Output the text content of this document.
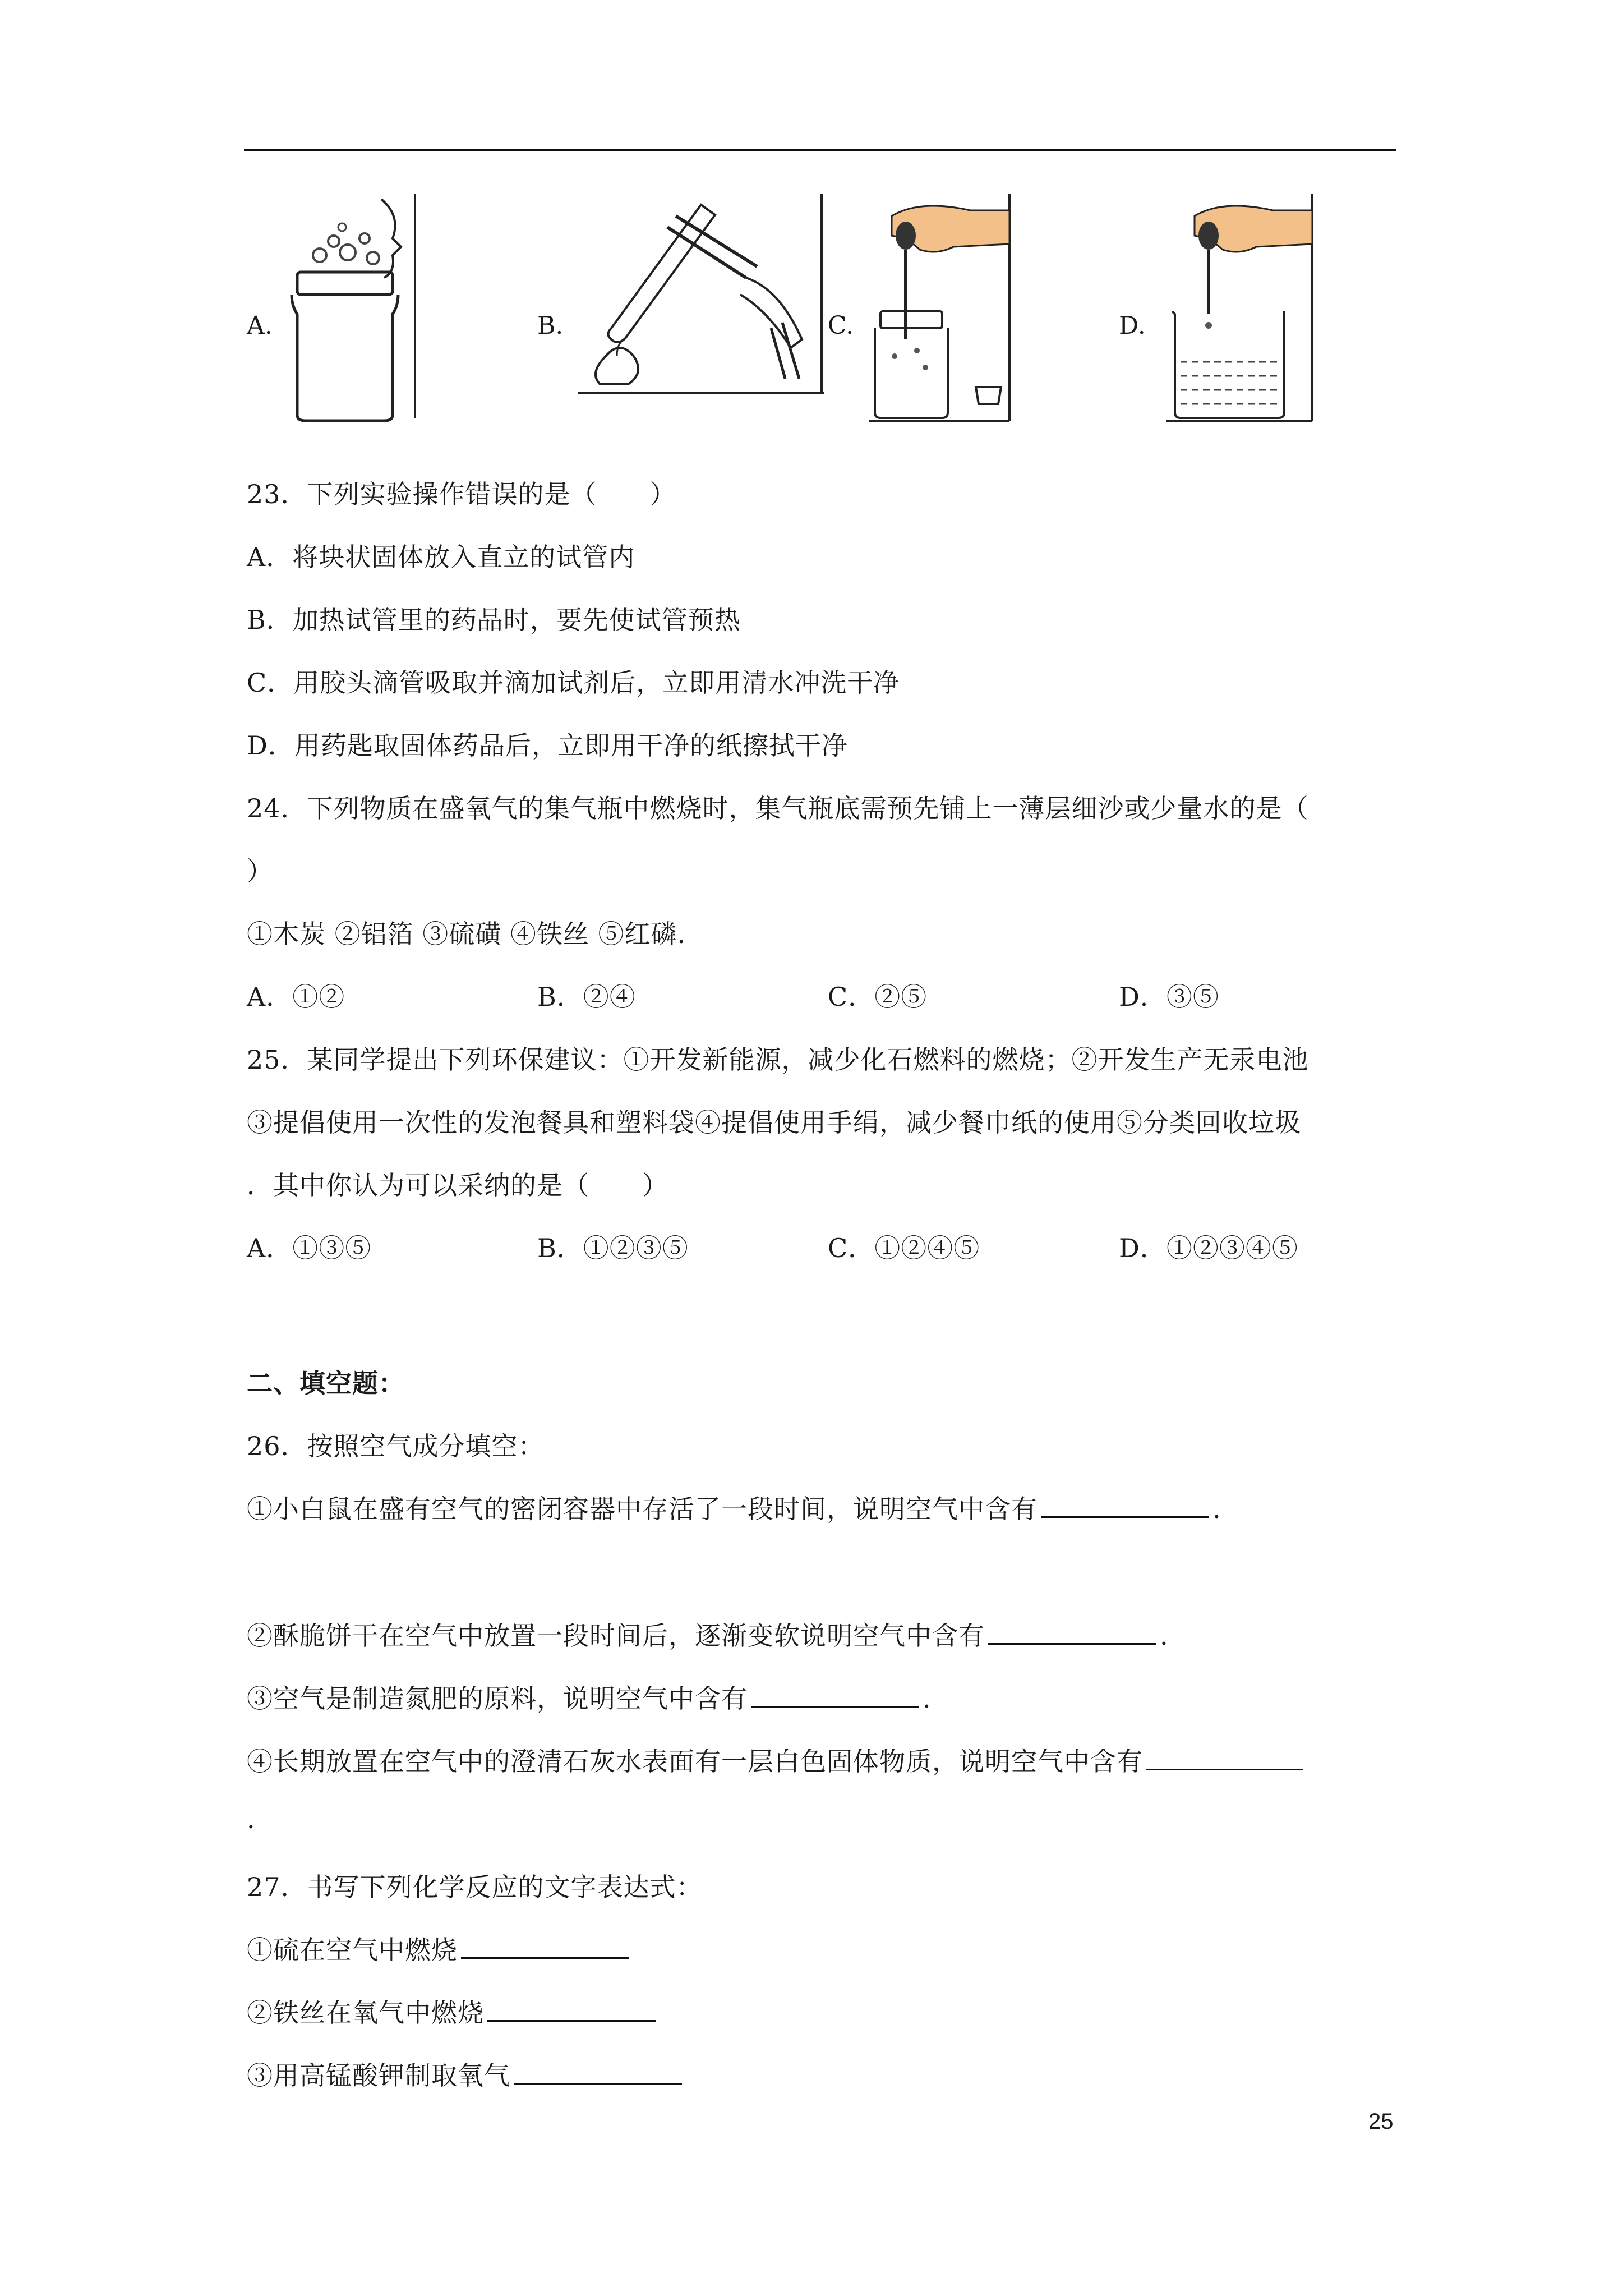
A.	B.	C.	D.
23．下列实验操作错误的是（　　）
A．将块状固体放入直立的试管内
B．加热试管里的药品时，要先使试管预热
C．用胶头滴管吸取并滴加试剂后，立即用清水冲洗干净
D．用药匙取固体药品后，立即用干净的纸擦拭干净
24．下列物质在盛氧气的集气瓶中燃烧时，集气瓶底需预先铺上一薄层细沙或少量水的是（
）
①木炭 ②铝箔 ③硫磺 ④铁丝 ⑤红磷.
A．①②	B．②④	C．②⑤	D．③⑤
25．某同学提出下列环保建议：①开发新能源，减少化石燃料的燃烧；②开发生产无汞电池
③提倡使用一次性的发泡餐具和塑料袋④提倡使用手绢，减少餐巾纸的使用⑤分类回收垃圾
．其中你认为可以采纳的是（　　）
A．①③⑤	B．①②③⑤	C．①②④⑤	D．①②③④⑤
二、填空题：
26．按照空气成分填空：
①小白鼠在盛有空气的密闭容器中存活了一段时间，说明空气中含有	.
②酥脆饼干在空气中放置一段时间后，逐渐变软说明空气中含有	.
③空气是制造氮肥的原料，说明空气中含有	.
④长期放置在空气中的澄清石灰水表面有一层白色固体物质，说明空气中含有
.
27．书写下列化学反应的文字表达式：
①硫在空气中燃烧
②铁丝在氧气中燃烧
③用高锰酸钾制取氧气
25
